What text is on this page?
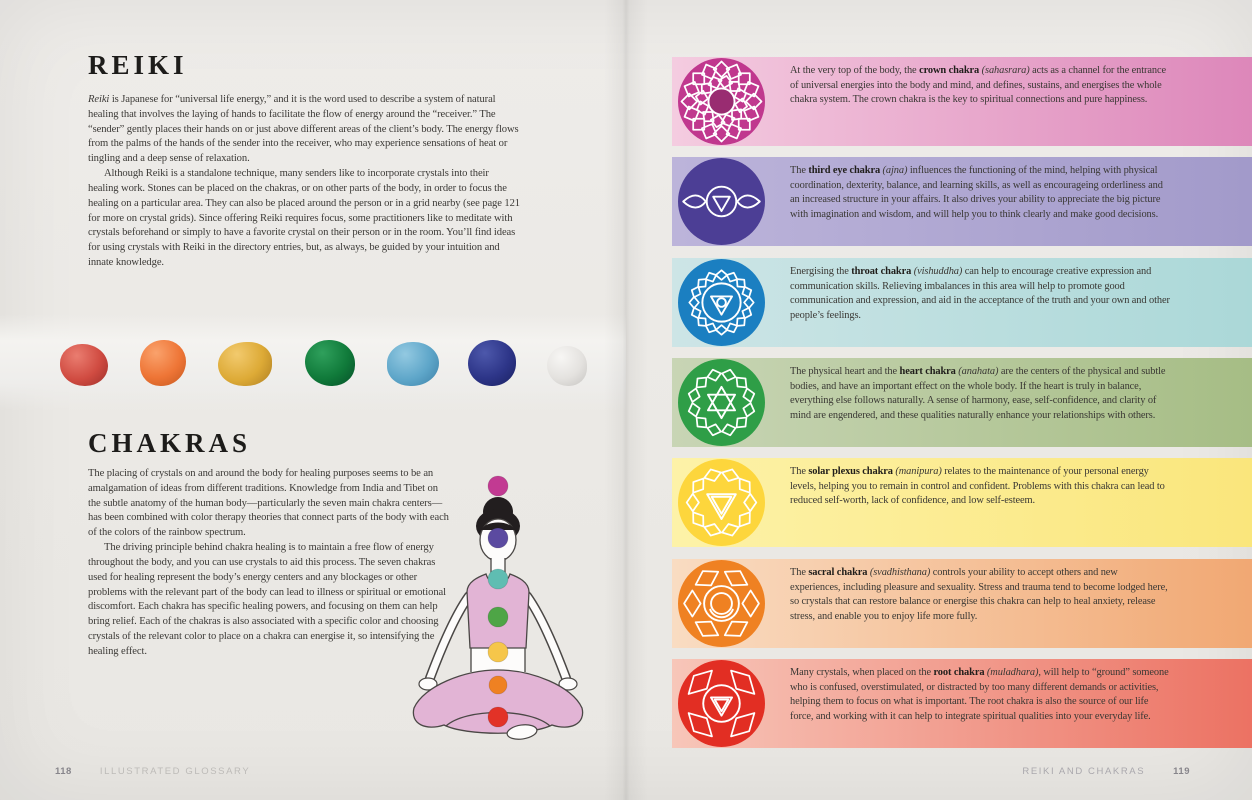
REIKI

Reiki is Japanese for “universal life energy,” and it is the word used to describe a system of natural healing that involves the laying of hands to facilitate the flow of energy around the “receiver.” The “sender” gently places their hands on or just above different areas of the client’s body. The energy flows from the palms of the hands of the sender into the receiver, who may experience sensations of heat or tingling and a deep sense of relaxation.

Although Reiki is a standalone technique, many senders like to incorporate crystals into their healing work. Stones can be placed on the chakras, or on other parts of the body, in order to focus the healing on a particular area. They can also be placed around the person or in a grid nearby (see page 121 for more on crystal grids). Since offering Reiki requires focus, some practitioners like to meditate with crystals beforehand or simply to have a favorite crystal on their person or in the room. You’ll find ideas for using crystals with Reiki in the directory entries, but, as always, be guided by your intuition and innate knowledge.

CHAKRAS

The placing of crystals on and around the body for healing purposes seems to be an amalgamation of ideas from different traditions. Knowledge from India and Tibet on the subtle anatomy of the human body—particularly the seven main chakra centers—has been combined with color therapy theories that connect parts of the body with each of the colors of the rainbow spectrum.

The driving principle behind chakra healing is to maintain a free flow of energy throughout the body, and you can use crystals to aid this process. The seven chakras used for healing represent the body’s energy centers and any blockages or other problems with the relevant part of the body can lead to illness or spiritual or emotional discomfort. Each chakra has specific healing powers, and focusing on them can help bring relief. Each of the chakras is also associated with a specific color and choosing crystals of the relevant color to place on a chakra can energise it, so intensifying the healing effect.

118	ILLUSTRATED GLOSSARY

At the very top of the body, the crown chakra (sahasrara) acts as a channel for the entrance of universal energies into the body and mind, and defines, sustains, and energises the whole chakra system. The crown chakra is the key to spiritual connections and pure happiness.

The third eye chakra (ajna) influences the functioning of the mind, helping with physical coordination, dexterity, balance, and learning skills, as well as encourageing orderliness and an increased structure in your affairs. It also drives your ability to appreciate the big picture with imagination and wisdom, and will help you to think clearly and make good decisions.

Energising the throat chakra (vishuddha) can help to encourage creative expression and communication skills. Relieving imbalances in this area will help to promote good communication and expression, and aid in the acceptance of the truth and your own and other people’s feelings.

The physical heart and the heart chakra (anahata) are the centers of the physical and subtle bodies, and have an important effect on the whole body. If the heart is truly in balance, everything else follows naturally. A sense of harmony, ease, self-confidence, and clarity of mind are engendered, and these qualities naturally enhance your relationships with others.

The solar plexus chakra (manipura) relates to the maintenance of your personal energy levels, helping you to remain in control and confident. Problems with this chakra can lead to reduced self-worth, lack of confidence, and low self-esteem.

The sacral chakra (svadhisthana) controls your ability to accept others and new experiences, including pleasure and sexuality. Stress and trauma tend to become lodged here, so crystals that can restore balance or energise this chakra can help to heal anxiety, release stress, and enable you to enjoy life more fully.

Many crystals, when placed on the root chakra (muladhara), will help to “ground” someone who is confused, overstimulated, or distracted by too many different demands or activities, helping them to focus on what is important. The root chakra is also the source of our life force, and working with it can help to integrate spiritual qualities into your everyday life.

REIKI AND CHAKRAS	119
